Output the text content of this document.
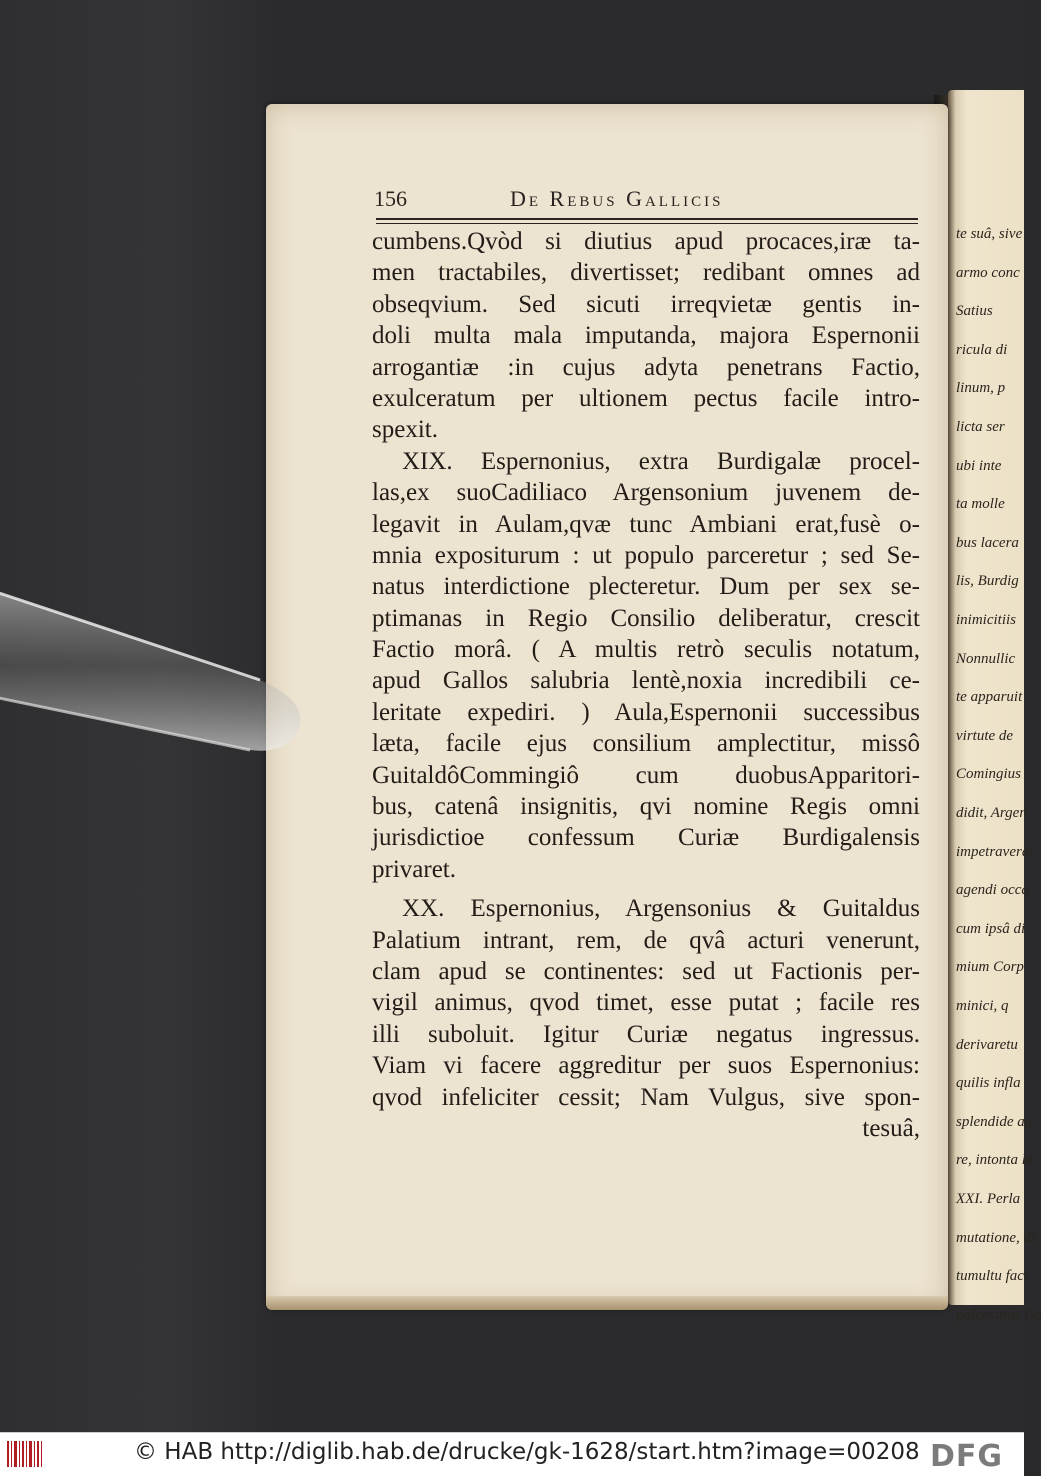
156	De Rebus Gallicis
cumbens.Qvòd si diutius apud procaces,iræ ta-
men tractabiles, divertisset; redibant omnes ad
obseqvium. Sed sicuti irreqvietæ gentis in-
doli multa mala imputanda, majora Espernonii
arrogantiæ :in cujus adyta penetrans Factio,
exulceratum per ultionem pectus facile intro-
spexit.
XIX. Espernonius, extra Burdigalæ procel-
las,ex suoCadiliaco Argensonium juvenem de-
legavit in Aulam,qvæ tunc Ambiani erat,fusè o-
mnia expositurum : ut populo parceretur ; sed Se-
natus interdictione plecteretur. Dum per sex se-
ptimanas in Regio Consilio deliberatur, crescit
Factio morâ. ( A multis retrò seculis notatum,
apud Gallos salubria lentè,noxia incredibili ce-
leritate expediri. ) Aula,Espernonii successibus
læta, facile ejus consilium amplectitur, missô
GuitaldôCommingiô cum duobusApparitori-
bus, catenâ insignitis, qvi nomine Regis omni
jurisdictioe confessum Curiæ Burdigalensis
privaret.
XX. Espernonius, Argensonius & Guitaldus
Palatium intrant, rem, de qvâ acturi venerunt,
clam apud se continentes: sed ut Factionis per-
vigil animus, qvod timet, esse putat ; facile res
illi suboluit. Igitur Curiæ negatus ingressus.
Viam vi facere aggreditur per suos Espernonius:
qvod infeliciter cessit; Nam Vulgus, sive spon-
tesuâ,
te suâ, sive
armo conc
Satius
ricula di
linum, p
licta ser
ubi inte
ta molle
bus lacera
lis, Burdig
inimicitiis
Nonnullic
te apparuit
virtute de
Comingius
didit, Argen
impetraverat
agendi occa
cum ipsâ di
mium Corp
minici, q
derivaretu
quilis infla
splendide ag
re, intonta la
XXI. Perla
mutatione, de
tumultu fact
galensibus De
© HAB http://diglib.hab.de/drucke/gk-1628/start.htm?image=00208 DFG
